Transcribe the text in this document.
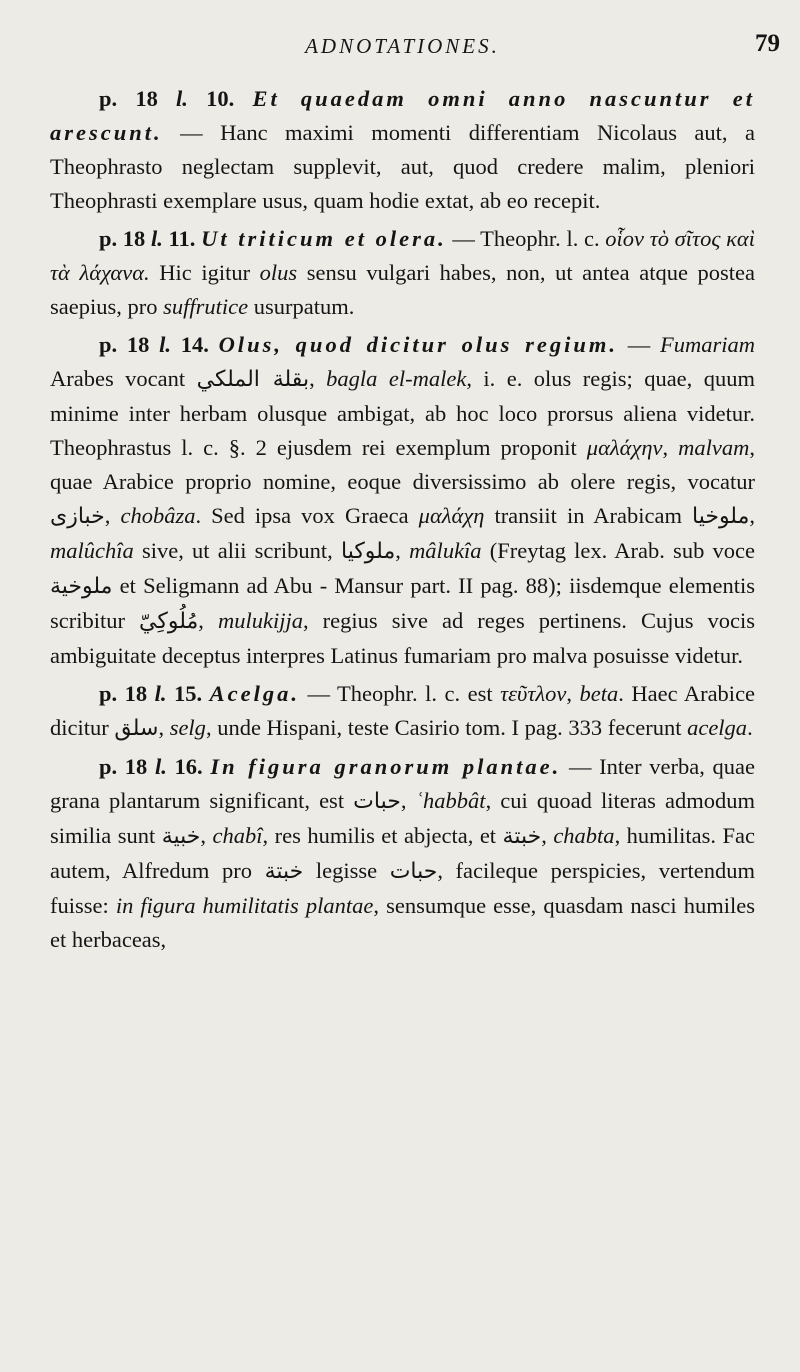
ADNOTATIONES.	79

p. 18 l. 10. Et quaedam omni anno nascuntur et arescunt. — Hanc maximi momenti differentiam Nicolaus aut, a Theophrasto neglectam supplevit, aut, quod credere malim, pleniori Theophrasti exemplare usus, quam hodie extat, ab eo recepit.

p. 18 l. 11. Ut triticum et olera. — Theophr. l. c. οἷον τὸ σῖτος καὶ τὰ λάχανα. Hic igitur olus sensu vulgari habes, non, ut antea atque postea saepius, pro suffrutice usurpatum.

p. 18 l. 14. Olus, quod dicitur olus regium. — Fumariam Arabes vocant بقلة الملكي, bagla el-malek, i. e. olus regis; quae, quum minime inter herbam olusque ambigat, ab hoc loco prorsus aliena videtur. Theophrastus l. c. §. 2 ejusdem rei exemplum proponit μαλάχην, malvam, quae Arabice proprio nomine, eoque diversissimo ab olere regis, vocatur خبازى, chobâza. Sed ipsa vox Graeca μαλάχη transiit in Arabicam ملوخيا, malûchîa sive, ut alii scribunt, ملوكيا, mâlukîa (Freytag lex. Arab. sub voce ملوخية et Seligmann ad Abu - Mansur part. II pag. 88); iisdemque elementis scribitur مُلُوكِيّ, mulukijja, regius sive ad reges pertinens. Cujus vocis ambiguitate deceptus interpres Latinus fumariam pro malva posuisse videtur.

p. 18 l. 15. Acelga. — Theophr. l. c. est τεῦτλον, beta. Haec Arabice dicitur سلق, selg, unde Hispani, teste Casirio tom. I pag. 333 fecerunt acelga.

p. 18 l. 16. In figura granorum plantae. — Inter verba, quae grana plantarum significant, est حبات, ʿhabbât, cui quoad literas admodum similia sunt خبية, chabî, res humilis et abjecta, et خبتة, chabta, humilitas. Fac autem, Alfredum pro خبتة legisse حبات, facileque perspicies, vertendum fuisse: in figura humilitatis plantae, sensumque esse, quasdam nasci humiles et herbaceas,
